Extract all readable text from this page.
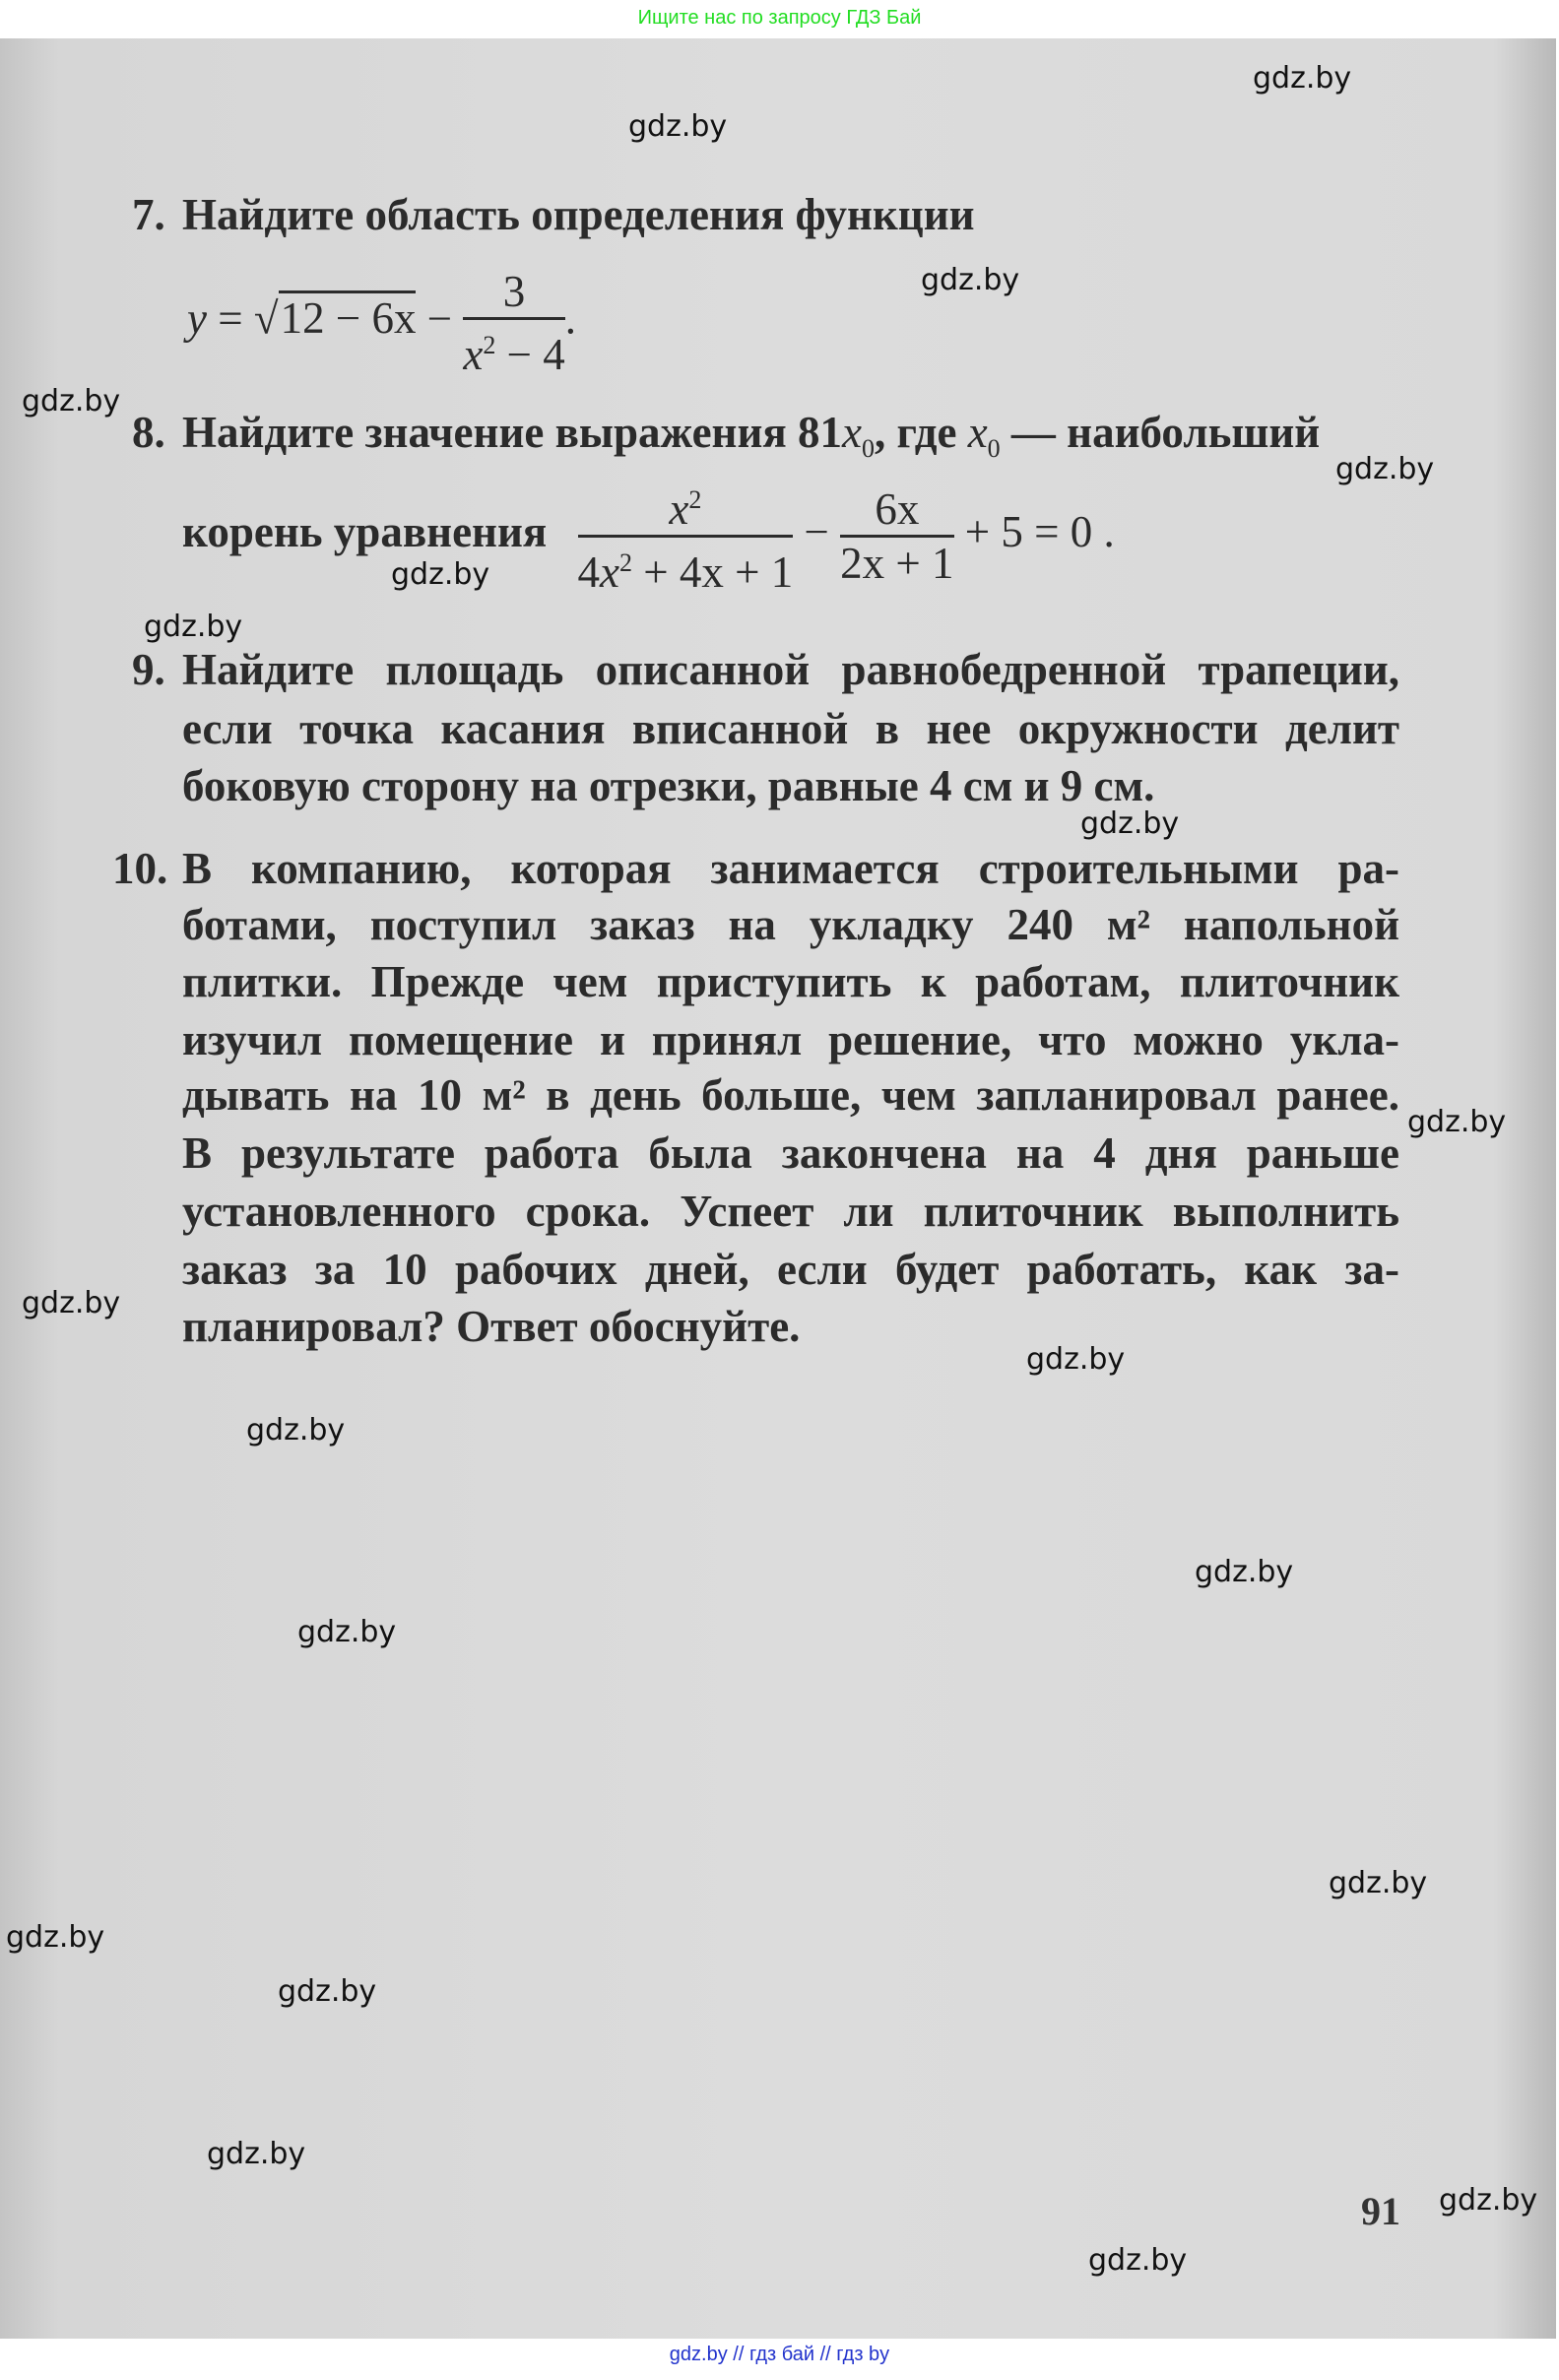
Ищите нас по запросу ГДЗ Бай
7. Найдите область определения функции
$y = √12 - 6x - \frac{3}{x^2 - 4}$ .
8. Найдите значение выражения $81x_0$, где $x_0$ — наибольший
корень уравнения $\frac{x^2}{4x^2 + 4x + 1} - \frac{6x}{2x + 1} + 5 = 0$ .
9. Найдите площадь описанной равнобедренной трапеции,
если точка касания вписанной в нее окружности делит
боковую сторону на отрезки, равные 4 см и 9 см.
10. В компанию, которая занимается строительными ра-
ботами, поступил заказ на укладку 240 м² напольной
плитки. Прежде чем приступить к работам, плиточник
изучил помещение и принял решение, что можно укла-
дывать на 10 м² в день больше, чем запланировал ранее.
В результате работа была закончена на 4 дня раньше
установленного срока. Успеет ли плиточник выполнить
заказ за 10 рабочих дней, если будет работать, как за-
планировал? Ответ обоснуйте.
91
gdz.by
gdz.by
gdz.by
gdz.by
gdz.by
gdz.by
gdz.by
gdz.by
gdz.by
gdz.by
gdz.by
gdz.by
gdz.by
gdz.by
gdz.by
gdz.by
gdz.by
gdz.by
gdz.by
gdz.by
gdz.by // гдз бай // гдз by
